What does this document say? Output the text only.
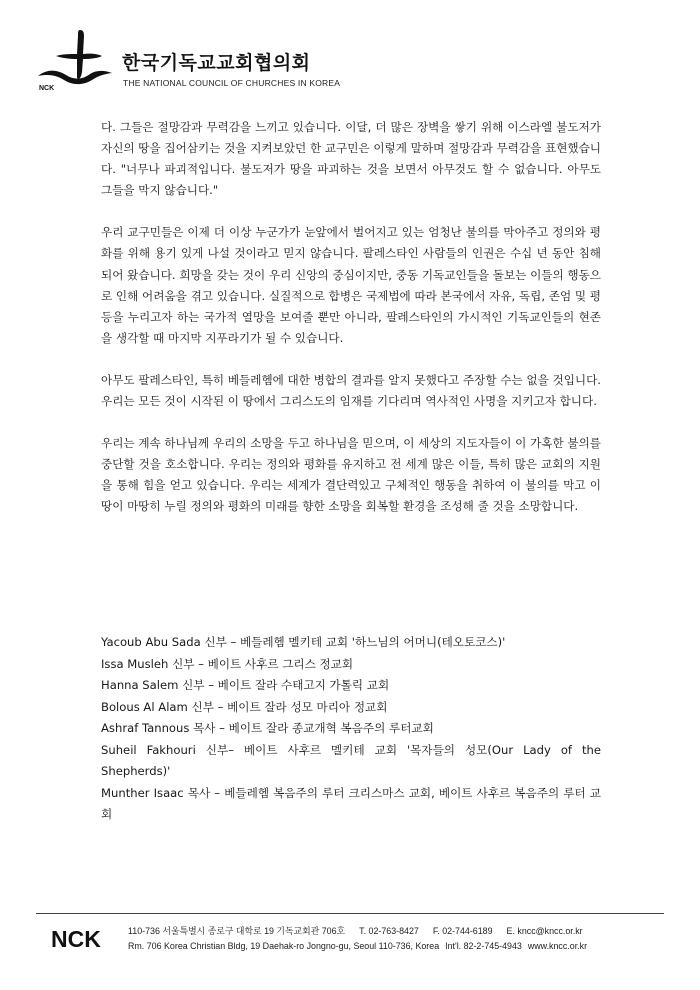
NCK
한국기독교교회협의회
THE NATIONAL COUNCIL OF CHURCHES IN KOREA

다. 그들은 절망감과 무력감을 느끼고 있습니다. 이달, 더 많은 장벽을 쌓기 위해 이스라엘 불도저가 자신의 땅을 집어삼키는 것을 지켜보았던 한 교구민은 이렇게 말하며 절망감과 무력감을 표현했습니다. "너무나 파괴적입니다. 불도저가 땅을 파괴하는 것을 보면서 아무것도 할 수 없습니다. 아무도 그들을 막지 않습니다."

우리 교구민들은 이제 더 이상 누군가가 눈앞에서 벌어지고 있는 엄청난 불의를 막아주고 정의와 평화를 위해 용기 있게 나설 것이라고 믿지 않습니다. 팔레스타인 사람들의 인권은 수십 년 동안 침해되어 왔습니다. 희망을 갖는 것이 우리 신앙의 중심이지만, 중동 기독교인들을 돌보는 이들의 행동으로 인해 어려움을 겪고 있습니다. 실질적으로 합병은 국제법에 따라 본국에서 자유, 독립, 존엄 및 평등을 누리고자 하는 국가적 열망을 보여줄 뿐만 아니라, 팔레스타인의 가시적인 기독교인들의 현존을 생각할 때 마지막 지푸라기가 될 수 있습니다.

아무도 팔레스타인, 특히 베들레헴에 대한 병합의 결과를 알지 못했다고 주장할 수는 없을 것입니다. 우리는 모든 것이 시작된 이 땅에서 그리스도의 임재를 기다리며 역사적인 사명을 지키고자 합니다.

우리는 계속 하나님께 우리의 소망을 두고 하나님을 믿으며, 이 세상의 지도자들이 이 가혹한 불의를 중단할 것을 호소합니다. 우리는 정의와 평화를 유지하고 전 세계 많은 이들, 특히 많은 교회의 지원을 통해 힘을 얻고 있습니다. 우리는 세계가 결단력있고 구체적인 행동을 취하여 이 불의를 막고 이 땅이 마땅히 누릴 정의와 평화의 미래를 향한 소망을 회복할 환경을 조성해 줄 것을 소망합니다.

Yacoub Abu Sada 신부 – 베들레헴 멜키테 교회 '하느님의 어머니(테오토코스)'
Issa Musleh 신부 – 베이트 사후르 그리스 정교회
Hanna Salem 신부 – 베이트 잘라 수태고지 가톨릭 교회
Bolous Al Alam 신부 – 베이트 잘라 성모 마리아 정교회
Ashraf Tannous 목사 – 베이트 잘라 종교개혁 복음주의 루터교회
Suheil Fakhouri 신부– 베이트 사후르 멜키테 교회 '목자들의 성모(Our Lady of the Shepherds)'
Munther Isaac 목사 – 베들레헴 복음주의 루터 크리스마스 교회, 베이트 사후르 복음주의 루터 교회
NCK	110-736 서울특별시 종로구 대학로 19 기독교회관 706호 T. 02-763-8427 F. 02-744-6189 E. kncc@kncc.or.kr
Rm. 706 Korea Christian Bldg, 19 Daehak-ro Jongno-gu, Seoul 110-736, Korea Int'l. 82-2-745-4943 www.kncc.or.kr
